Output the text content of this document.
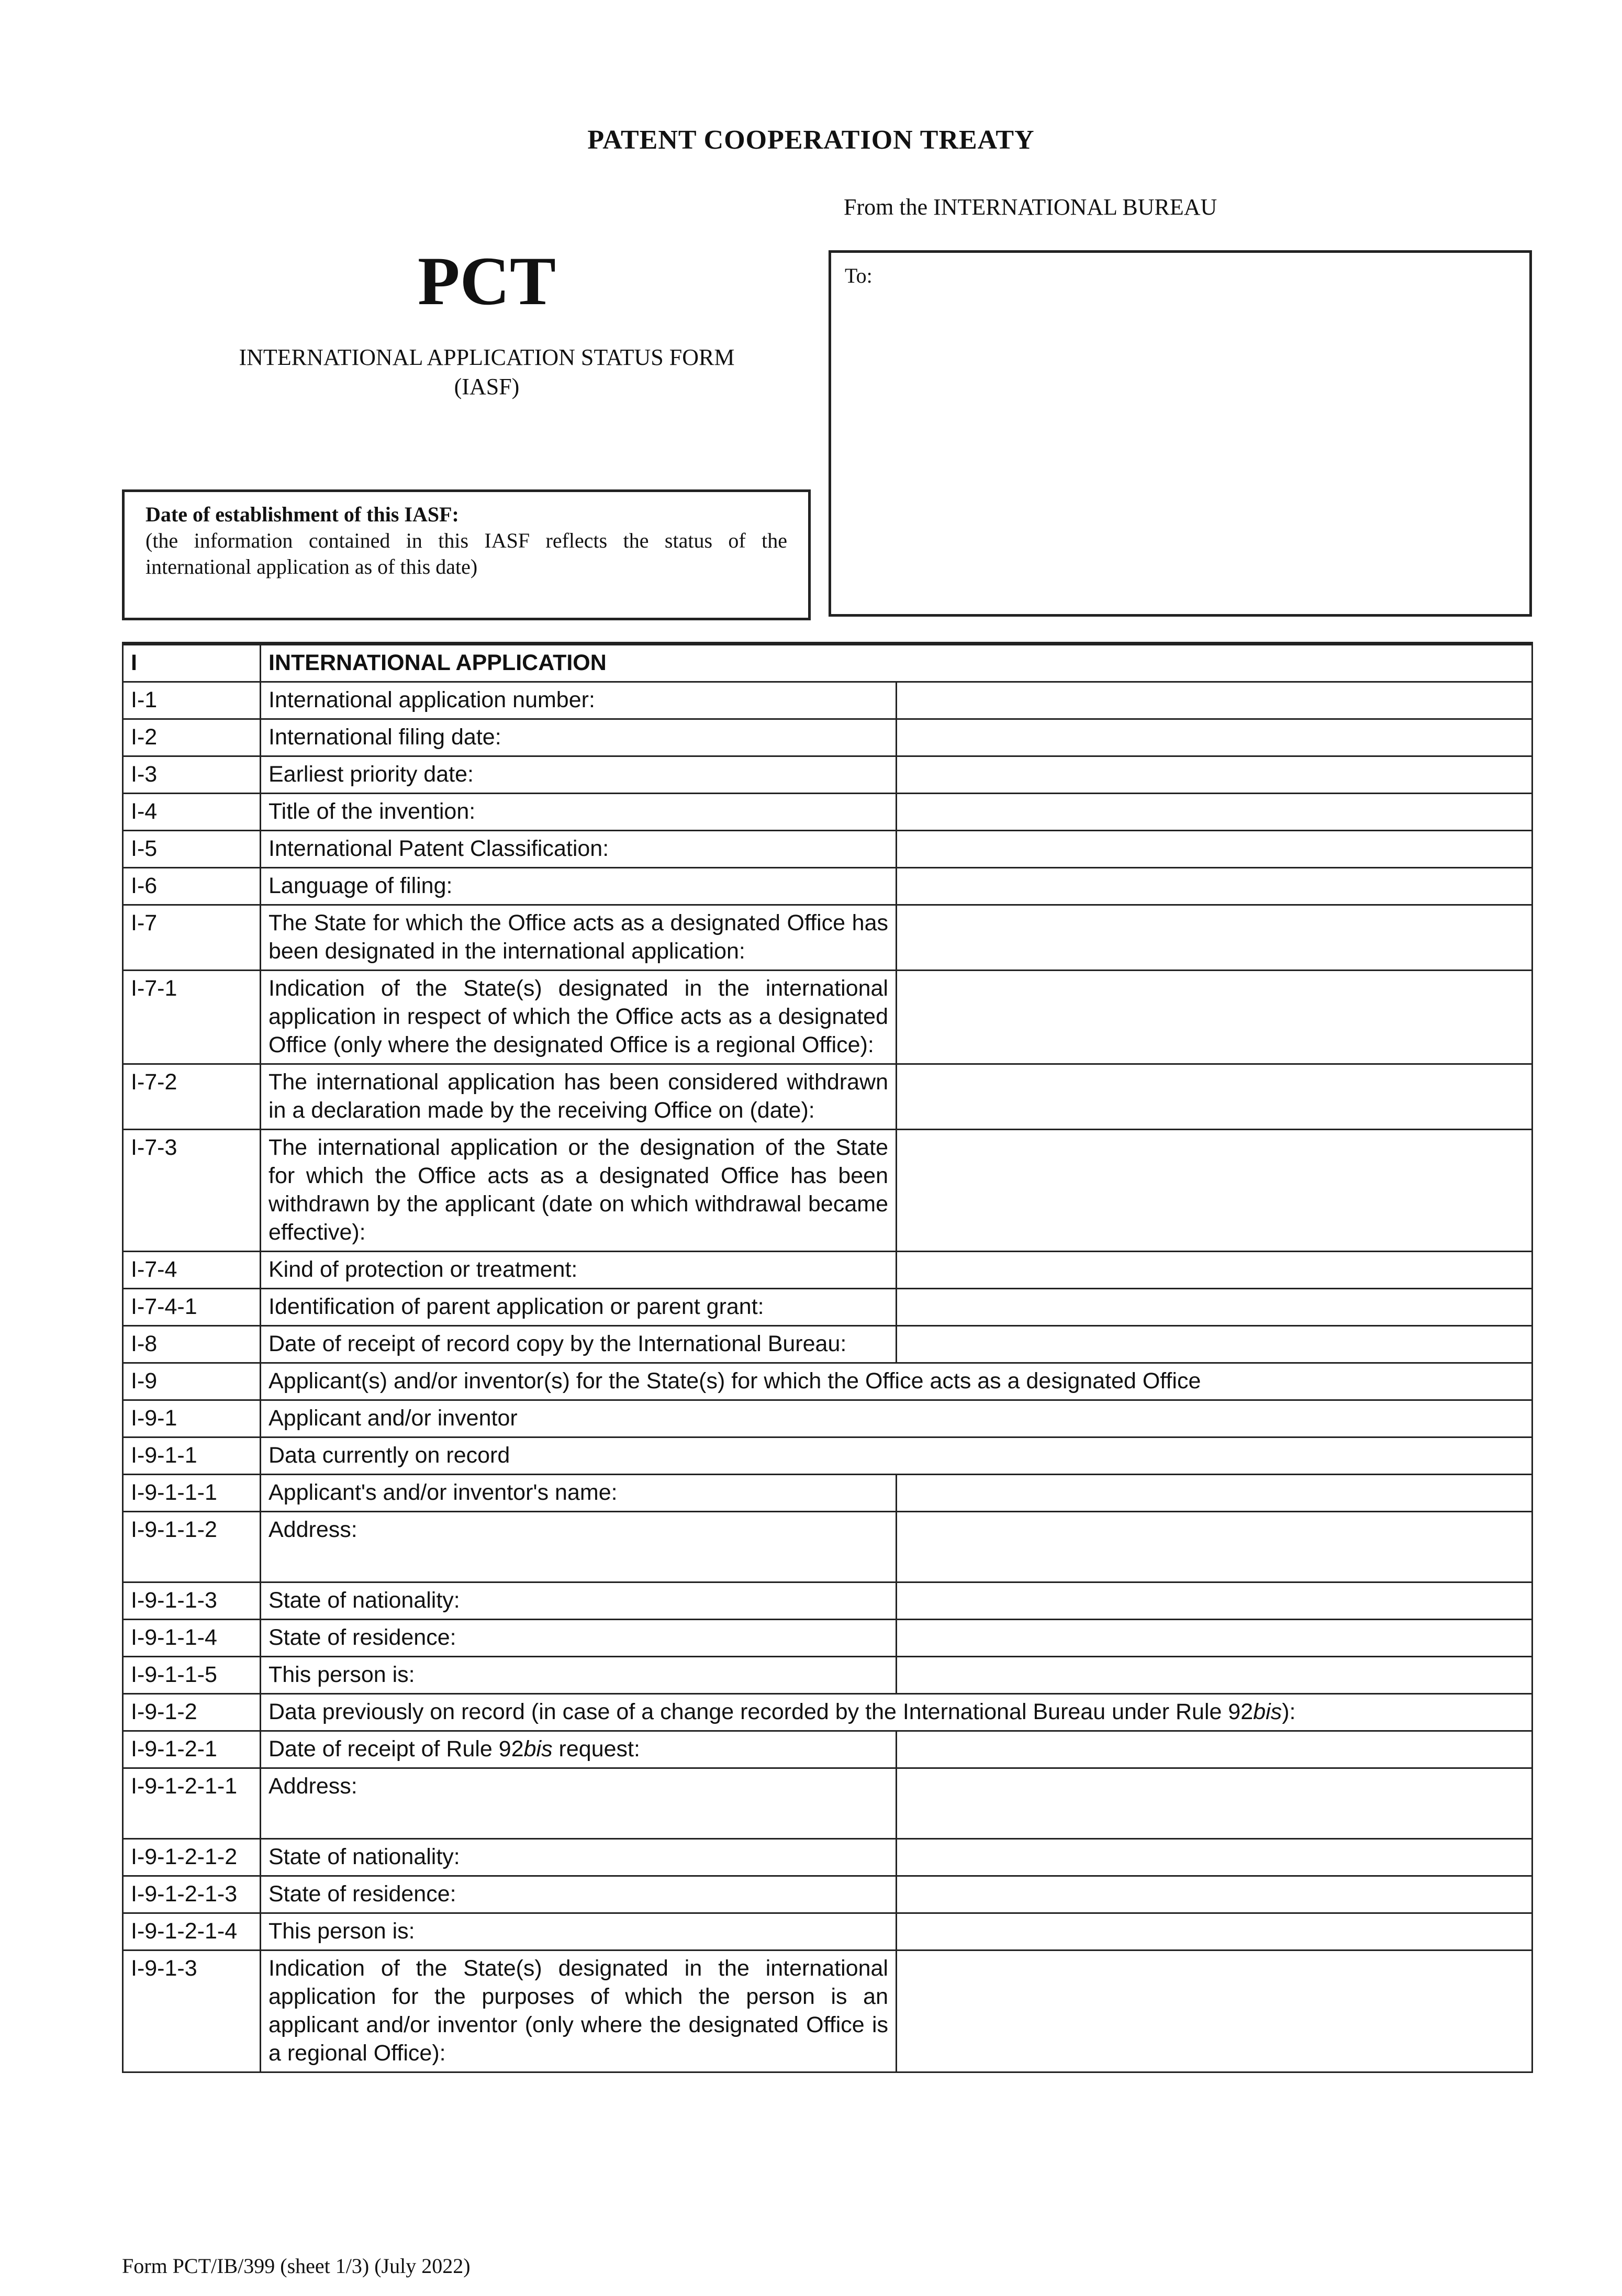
PATENT COOPERATION TREATY
From the INTERNATIONAL BUREAU
PCT
INTERNATIONAL APPLICATION STATUS FORM
(IASF)
To:
Date of establishment of this IASF:
(the information contained in this IASF reflects the status of the international application as of this date)
I	INTERNATIONAL APPLICATION	
I-1	International application number:	
I-2	International filing date:	
I-3	Earliest priority date:	
I-4	Title of the invention:	
I-5	International Patent Classification:	
I-6	Language of filing:	
I-7	The State for which the Office acts as a designated Office has been designated in the international application:	
I-7-1	Indication of the State(s) designated in the international application in respect of which the Office acts as a designated Office (only where the designated Office is a regional Office):	
I-7-2	The international application has been considered withdrawn in a declaration made by the receiving Office on (date):	
I-7-3	The international application or the designation of the State for which the Office acts as a designated Office has been withdrawn by the applicant (date on which withdrawal became effective):	
I-7-4	Kind of protection or treatment:	
I-7-4-1	Identification of parent application or parent grant:	
I-8	Date of receipt of record copy by the International Bureau:	
I-9	Applicant(s) and/or inventor(s) for the State(s) for which the Office acts as a designated Office	
I-9-1	Applicant and/or inventor	
I-9-1-1	Data currently on record	
I-9-1-1-1	Applicant's and/or inventor's name:	
I-9-1-1-2	Address:	
I-9-1-1-3	State of nationality:	
I-9-1-1-4	State of residence:	
I-9-1-1-5	This person is:	
I-9-1-2	Data previously on record (in case of a change recorded by the International Bureau under Rule 92bis):	
I-9-1-2-1	Date of receipt of Rule 92bis request:	
I-9-1-2-1-1	Address:	
I-9-1-2-1-2	State of nationality:	
I-9-1-2-1-3	State of residence:	
I-9-1-2-1-4	This person is:	
I-9-1-3	Indication of the State(s) designated in the international application for the purposes of which the person is an applicant and/or inventor (only where the designated Office is a regional Office):	
Form PCT/IB/399 (sheet 1/3) (July 2022)
